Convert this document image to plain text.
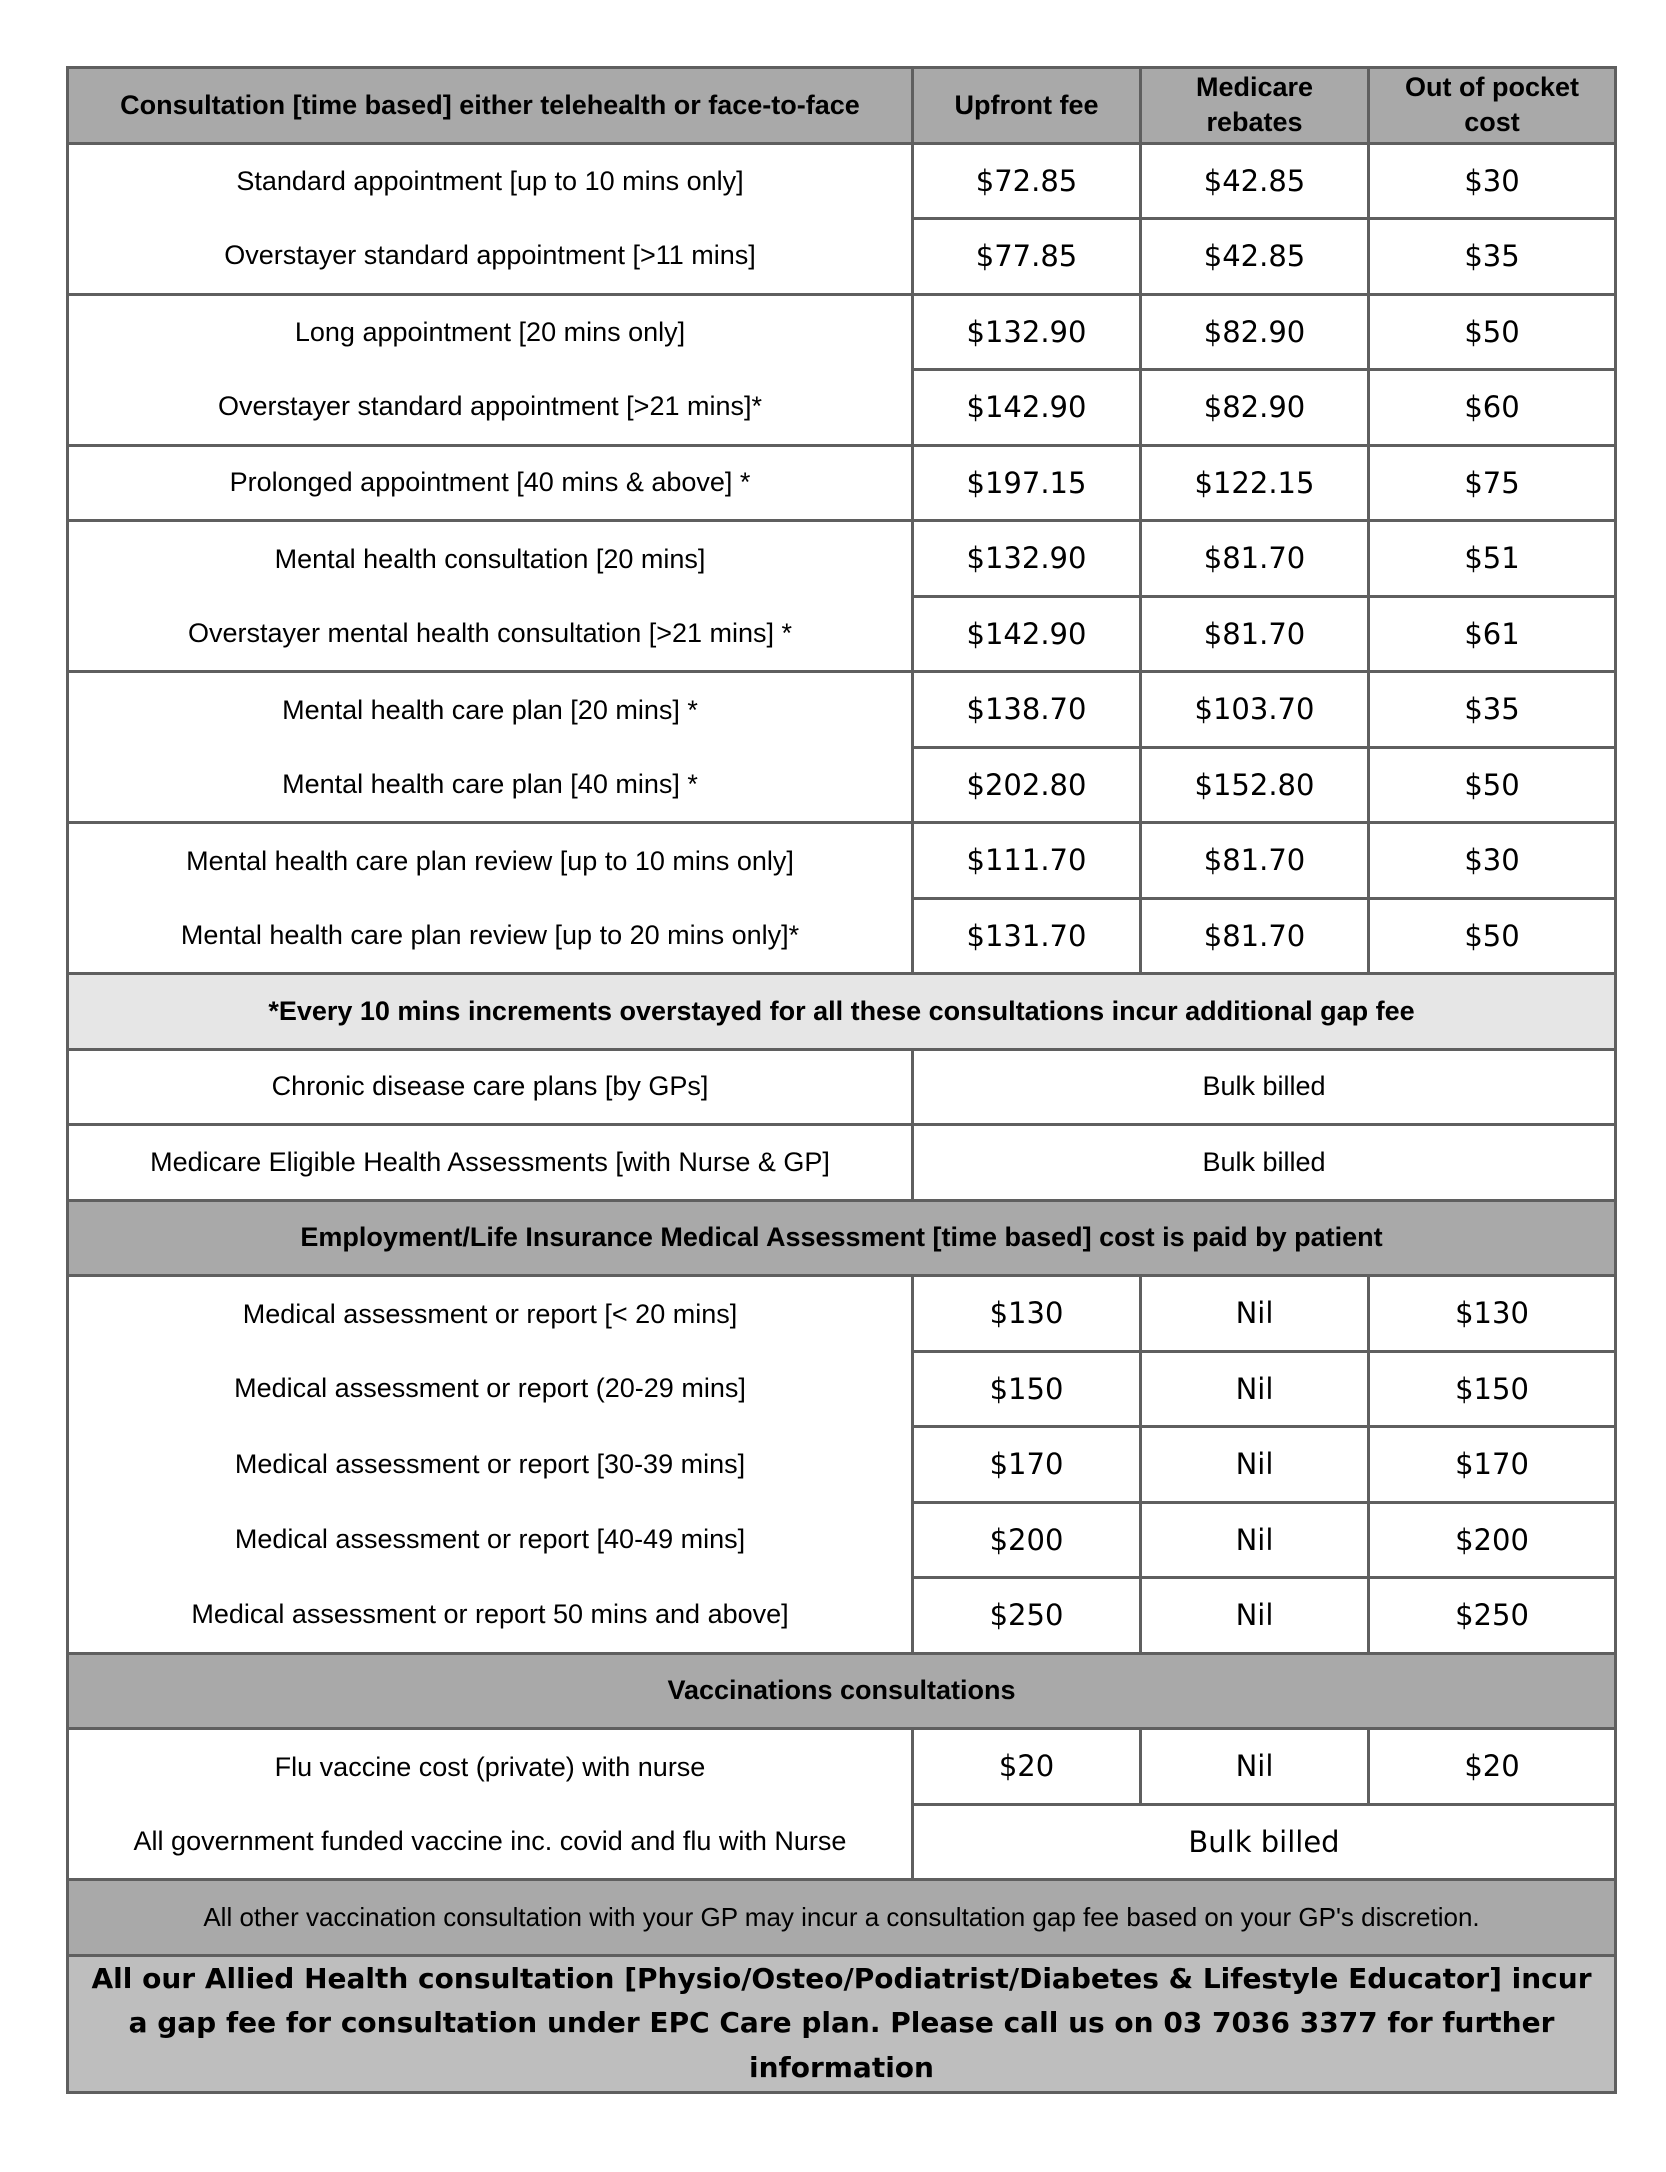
Consultation [time based] either telehealth or face-to-face	Upfront fee	Medicare rebates	Out of pocket cost
Standard appointment [up to 10 mins only]	$72.85	$42.85	$30
Overstayer standard appointment [>11 mins]	$77.85	$42.85	$35
Long appointment [20 mins only]	$132.90	$82.90	$50
Overstayer standard appointment [>21 mins]*	$142.90	$82.90	$60
Prolonged appointment [40 mins & above] *	$197.15	$122.15	$75
Mental health consultation [20 mins]	$132.90	$81.70	$51
Overstayer mental health consultation [>21 mins] *	$142.90	$81.70	$61
Mental health care plan [20 mins] *	$138.70	$103.70	$35
Mental health care plan [40 mins] *	$202.80	$152.80	$50
Mental health care plan review [up to 10 mins only]	$111.70	$81.70	$30
Mental health care plan review [up to 20 mins only]*	$131.70	$81.70	$50
*Every 10 mins increments overstayed for all these consultations incur additional gap fee			
Chronic disease care plans [by GPs]	Bulk billed		
Medicare Eligible Health Assessments [with Nurse & GP]	Bulk billed		
Employment/Life Insurance Medical Assessment [time based] cost is paid by patient			
Medical assessment or report [< 20 mins]	$130	Nil	$130
Medical assessment or report (20-29 mins]	$150	Nil	$150
Medical assessment or report [30-39 mins]	$170	Nil	$170
Medical assessment or report [40-49 mins]	$200	Nil	$200
Medical assessment or report 50 mins and above]	$250	Nil	$250
Vaccinations consultations			
Flu vaccine cost (private) with nurse	$20	Nil	$20
All government funded vaccine inc. covid and flu with Nurse	Bulk billed		
All other vaccination consultation with your GP may incur a consultation gap fee based on your GP's discretion.			
All our Allied Health consultation [Physio/Osteo/Podiatrist/Diabetes & Lifestyle Educator] incur a gap fee for consultation under EPC Care plan. Please call us on 03 7036 3377 for further information			
